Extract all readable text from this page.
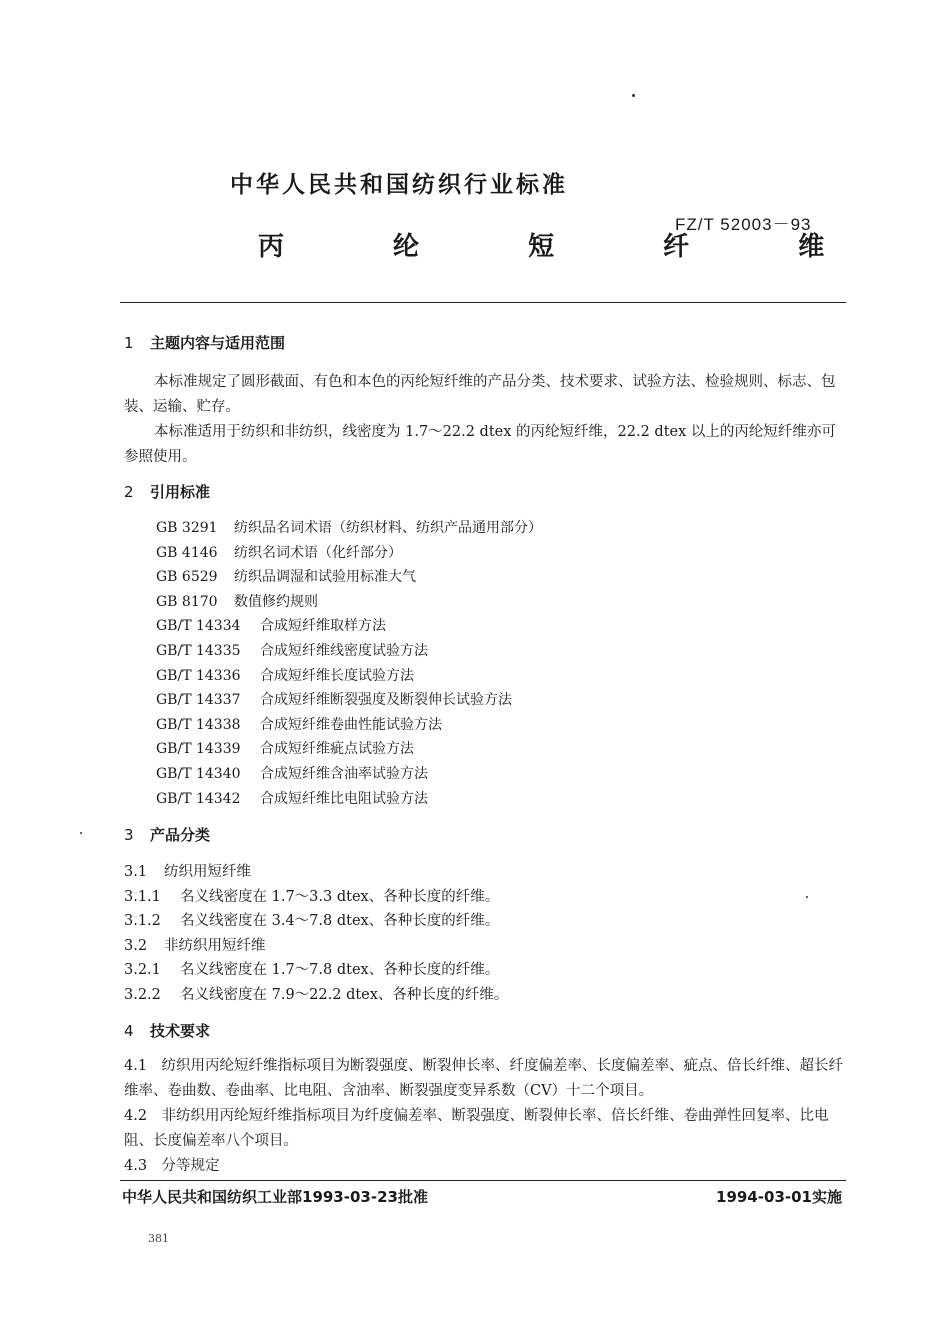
中华人民共和国纺织行业标准
FZ/T 52003－93
丙 纶 短 纤 维
1 主题内容与适用范围
本标准规定了圆形截面、有色和本色的丙纶短纤维的产品分类、技术要求、试验方法、检验规则、标志、包装、运输、贮存。
本标准适用于纺织和非纺织，线密度为 1.7～22.2 dtex 的丙纶短纤维，22.2 dtex 以上的丙纶短纤维亦可参照使用。
2 引用标准
GB 3291 纺织品名词术语（纺织材料、纺织产品通用部分）
GB 4146 纺织名词术语（化纤部分）
GB 6529 纺织品调湿和试验用标准大气
GB 8170 数值修约规则
GB/T 14334 合成短纤维取样方法
GB/T 14335 合成短纤维线密度试验方法
GB/T 14336 合成短纤维长度试验方法
GB/T 14337 合成短纤维断裂强度及断裂伸长试验方法
GB/T 14338 合成短纤维卷曲性能试验方法
GB/T 14339 合成短纤维疵点试验方法
GB/T 14340 合成短纤维含油率试验方法
GB/T 14342 合成短纤维比电阻试验方法
3 产品分类
3.1 纺织用短纤维
3.1.1 名义线密度在 1.7～3.3 dtex、各种长度的纤维。
3.1.2 名义线密度在 3.4～7.8 dtex、各种长度的纤维。
3.2 非纺织用短纤维
3.2.1 名义线密度在 1.7～7.8 dtex、各种长度的纤维。
3.2.2 名义线密度在 7.9～22.2 dtex、各种长度的纤维。
4 技术要求
4.1　纺织用丙纶短纤维指标项目为断裂强度、断裂伸长率、纤度偏差率、长度偏差率、疵点、倍长纤维、超长纤维率、卷曲数、卷曲率、比电阻、含油率、断裂强度变异系数（CV）十二个项目。
4.2　非纺织用丙纶短纤维指标项目为纤度偏差率、断裂强度、断裂伸长率、倍长纤维、卷曲弹性回复率、比电阻、长度偏差率八个项目。
4.3　分等规定
中华人民共和国纺织工业部1993-03-23批准	1994-03-01实施
381
